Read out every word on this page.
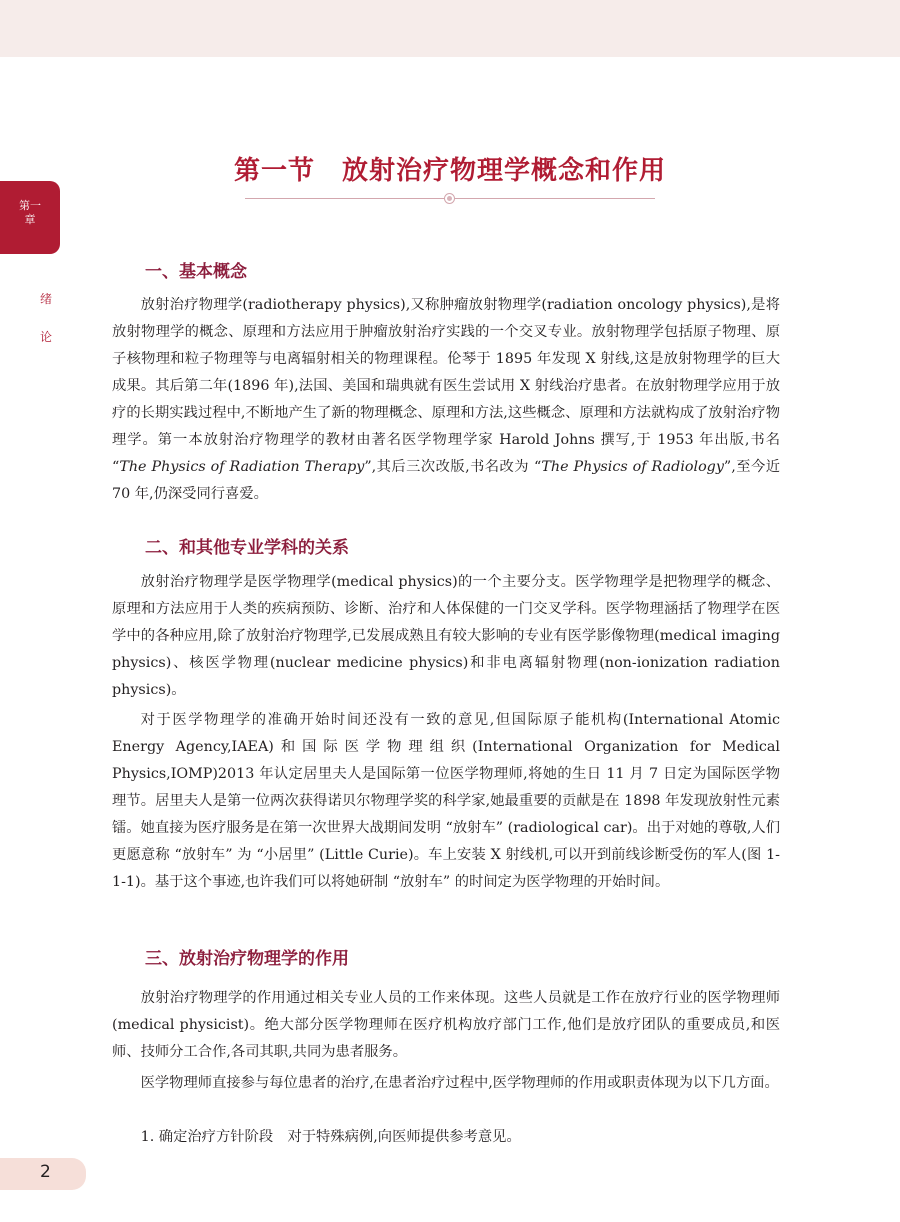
第一
章
绪
论
第一节　放射治疗物理学概念和作用
一、基本概念

放射治疗物理学(radiotherapy physics),又称肿瘤放射物理学(radiation oncology physics),是将放射物理学的概念、原理和方法应用于肿瘤放射治疗实践的一个交叉专业。放射物理学包括原子物理、原子核物理和粒子物理等与电离辐射相关的物理课程。伦琴于 1895 年发现 X 射线,这是放射物理学的巨大成果。其后第二年(1896 年),法国、美国和瑞典就有医生尝试用 X 射线治疗患者。在放射物理学应用于放疗的长期实践过程中,不断地产生了新的物理概念、原理和方法,这些概念、原理和方法就构成了放射治疗物理学。第一本放射治疗物理学的教材由著名医学物理学家 Harold Johns 撰写,于 1953 年出版,书名 “The Physics of Radiation Therapy”,其后三次改版,书名改为 “The Physics of Radiology”,至今近 70 年,仍深受同行喜爱。

二、和其他专业学科的关系

放射治疗物理学是医学物理学(medical physics)的一个主要分支。医学物理学是把物理学的概念、原理和方法应用于人类的疾病预防、诊断、治疗和人体保健的一门交叉学科。医学物理涵括了物理学在医学中的各种应用,除了放射治疗物理学,已发展成熟且有较大影响的专业有医学影像物理(medical imaging physics)、核医学物理(nuclear medicine physics)和非电离辐射物理(non-ionization radiation physics)。

对于医学物理学的准确开始时间还没有一致的意见,但国际原子能机构(International Atomic Energy Agency,IAEA)和国际医学物理组织(International Organization for Medical Physics,IOMP)2013 年认定居里夫人是国际第一位医学物理师,将她的生日 11 月 7 日定为国际医学物理节。居里夫人是第一位两次获得诺贝尔物理学奖的科学家,她最重要的贡献是在 1898 年发现放射性元素镭。她直接为医疗服务是在第一次世界大战期间发明 “放射车” (radiological car)。出于对她的尊敬,人们更愿意称 “放射车” 为 “小居里” (Little Curie)。车上安装 X 射线机,可以开到前线诊断受伤的军人(图 1-1-1)。基于这个事迹,也许我们可以将她研制 “放射车” 的时间定为医学物理的开始时间。

三、放射治疗物理学的作用

放射治疗物理学的作用通过相关专业人员的工作来体现。这些人员就是工作在放疗行业的医学物理师(medical physicist)。绝大部分医学物理师在医疗机构放疗部门工作,他们是放疗团队的重要成员,和医师、技师分工合作,各司其职,共同为患者服务。

医学物理师直接参与每位患者的治疗,在患者治疗过程中,医学物理师的作用或职责体现为以下几方面。

1. 确定治疗方针阶段　对于特殊病例,向医师提供参考意见。

2
